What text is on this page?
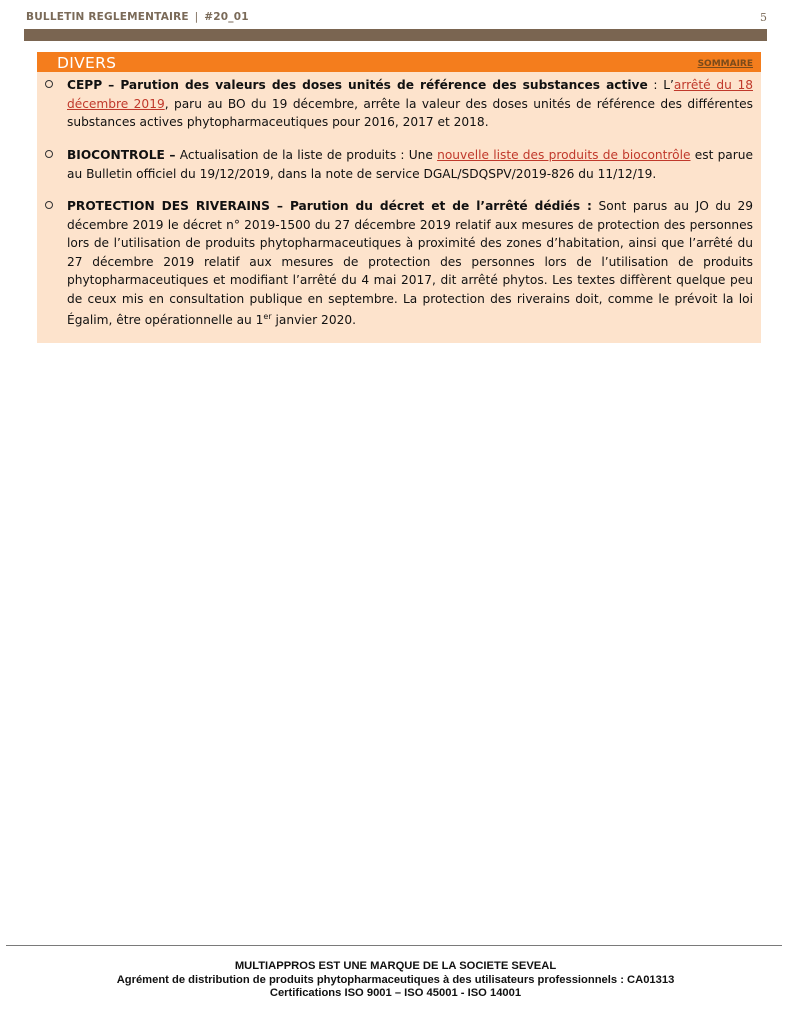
BULLETIN REGLEMENTAIRE | #20_01	5
DIVERS	SOMMAIRE
CEPP – Parution des valeurs des doses unités de référence des substances active : L’arrêté du 18 décembre 2019, paru au BO du 19 décembre, arrête la valeur des doses unités de référence des différentes substances actives phytopharmaceutiques pour 2016, 2017 et 2018.
BIOCONTROLE – Actualisation de la liste de produits : Une nouvelle liste des produits de biocontrôle est parue au Bulletin officiel du 19/12/2019, dans la note de service DGAL/SDQSPV/2019-826 du 11/12/19.
PROTECTION DES RIVERAINS – Parution du décret et de l’arrêté dédiés : Sont parus au JO du 29 décembre 2019 le décret n° 2019-1500 du 27 décembre 2019 relatif aux mesures de protection des personnes lors de l’utilisation de produits phytopharmaceutiques à proximité des zones d’habitation, ainsi que l’arrêté du 27 décembre 2019 relatif aux mesures de protection des personnes lors de l’utilisation de produits phytopharmaceutiques et modifiant l’arrêté du 4 mai 2017, dit arrêté phytos. Les textes diffèrent quelque peu de ceux mis en consultation publique en septembre. La protection des riverains doit, comme le prévoit la loi Égalim, être opérationnelle au 1er janvier 2020.
MULTIAPPROS EST UNE MARQUE DE LA SOCIETE SEVEAL
Agrément de distribution de produits phytopharmaceutiques à des utilisateurs professionnels : CA01313
Certifications ISO 9001 – ISO 45001 - ISO 14001
